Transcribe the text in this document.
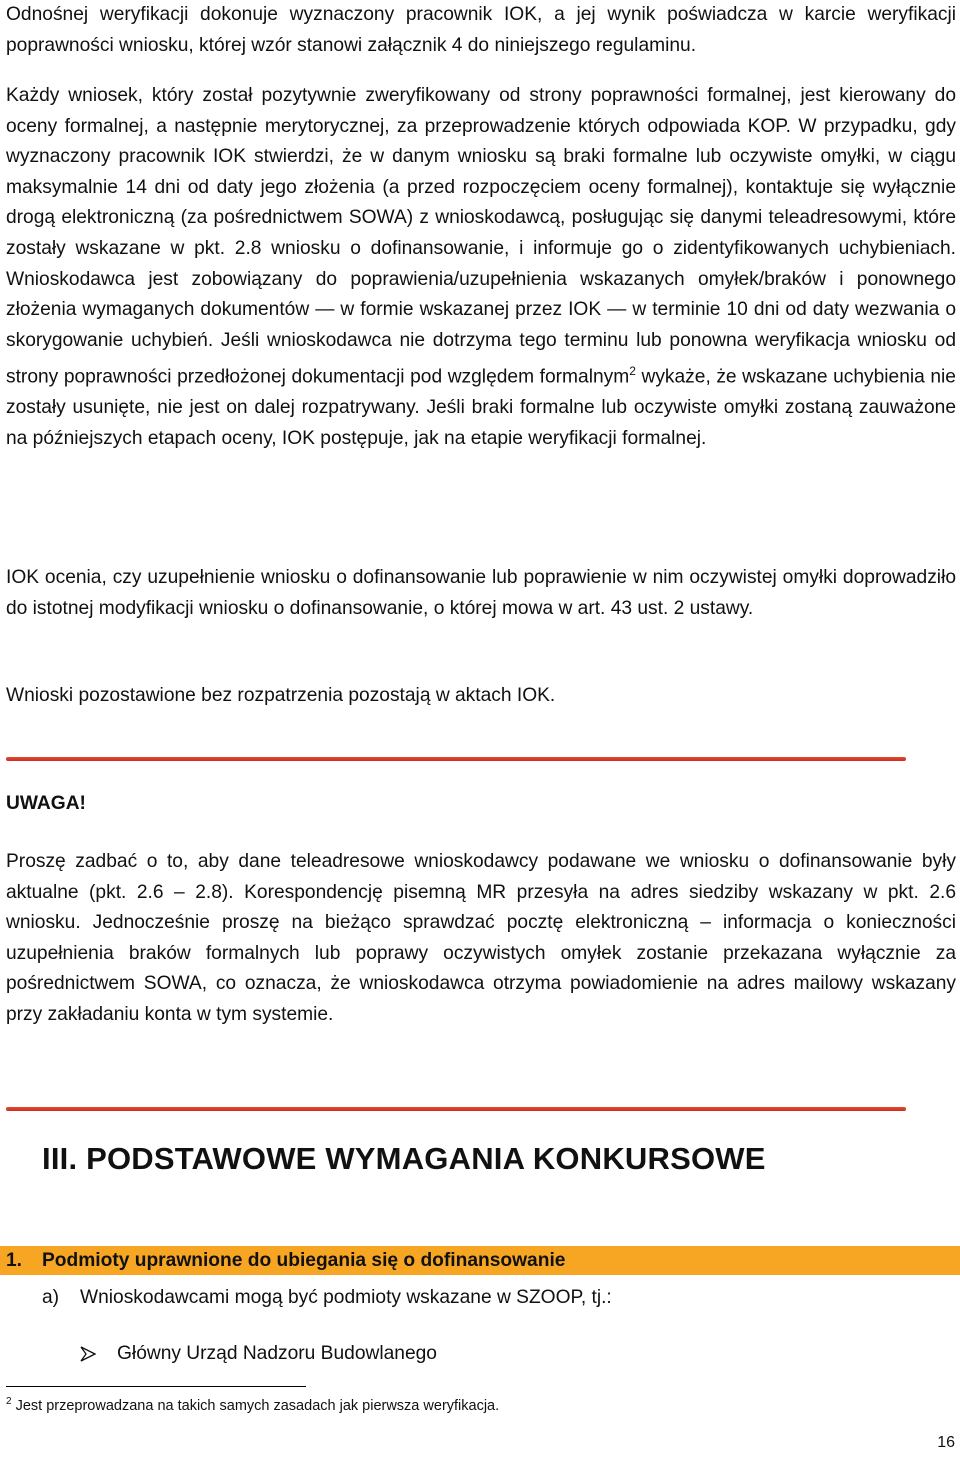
Odnośnej weryfikacji dokonuje wyznaczony pracownik IOK, a jej wynik poświadcza w karcie weryfikacji poprawności wniosku, której wzór stanowi załącznik 4 do niniejszego regulaminu.

Każdy wniosek, który został pozytywnie zweryfikowany od strony poprawności formalnej, jest kierowany do oceny formalnej, a następnie merytorycznej, za przeprowadzenie których odpowiada KOP. W przypadku, gdy wyznaczony pracownik IOK stwierdzi, że w danym wniosku są braki formalne lub oczywiste omyłki, w ciągu maksymalnie 14 dni od daty jego złożenia (a przed rozpoczęciem oceny formalnej), kontaktuje się wyłącznie drogą elektroniczną (za pośrednictwem SOWA) z wnioskodawcą, posługując się danymi teleadresowymi, które zostały wskazane w pkt. 2.8 wniosku o dofinansowanie, i informuje go o zidentyfikowanych uchybieniach. Wnioskodawca jest zobowiązany do poprawienia/uzupełnienia wskazanych omyłek/braków i ponownego złożenia wymaganych dokumentów — w formie wskazanej przez IOK — w terminie 10 dni od daty wezwania o skorygowanie uchybień. Jeśli wnioskodawca nie dotrzyma tego terminu lub ponowna weryfikacja wniosku od strony poprawności przedłożonej dokumentacji pod względem formalnym$^2$ wykaże, że wskazane uchybienia nie zostały usunięte, nie jest on dalej rozpatrywany. Jeśli braki formalne lub oczywiste omyłki zostaną zauważone na późniejszych etapach oceny, IOK postępuje, jak na etapie weryfikacji formalnej.

IOK ocenia, czy uzupełnienie wniosku o dofinansowanie lub poprawienie w nim oczywistej omyłki doprowadziło do istotnej modyfikacji wniosku o dofinansowanie, o której mowa w art. 43 ust. 2 ustawy.

Wnioski pozostawione bez rozpatrzenia pozostają w aktach IOK.

UWAGA!

Proszę zadbać o to, aby dane teleadresowe wnioskodawcy podawane we wniosku o dofinansowanie były aktualne (pkt. 2.6 – 2.8). Korespondencję pisemną MR przesyła na adres siedziby wskazany w pkt. 2.6 wniosku. Jednocześnie proszę na bieżąco sprawdzać pocztę elektroniczną – informacja o konieczności uzupełnienia braków formalnych lub poprawy oczywistych omyłek zostanie przekazana wyłącznie za pośrednictwem SOWA, co oznacza, że wnioskodawca otrzyma powiadomienie na adres mailowy wskazany przy zakładaniu konta w tym systemie.

III. PODSTAWOWE WYMAGANIA KONKURSOWE
1. Podmioty uprawnione do ubiegania się o dofinansowanie
a) Wnioskodawcami mogą być podmioty wskazane w SZOOP, tj.:
Główny Urząd Nadzoru Budowlanego
$^2$ Jest przeprowadzana na takich samych zasadach jak pierwsza weryfikacja.
16
